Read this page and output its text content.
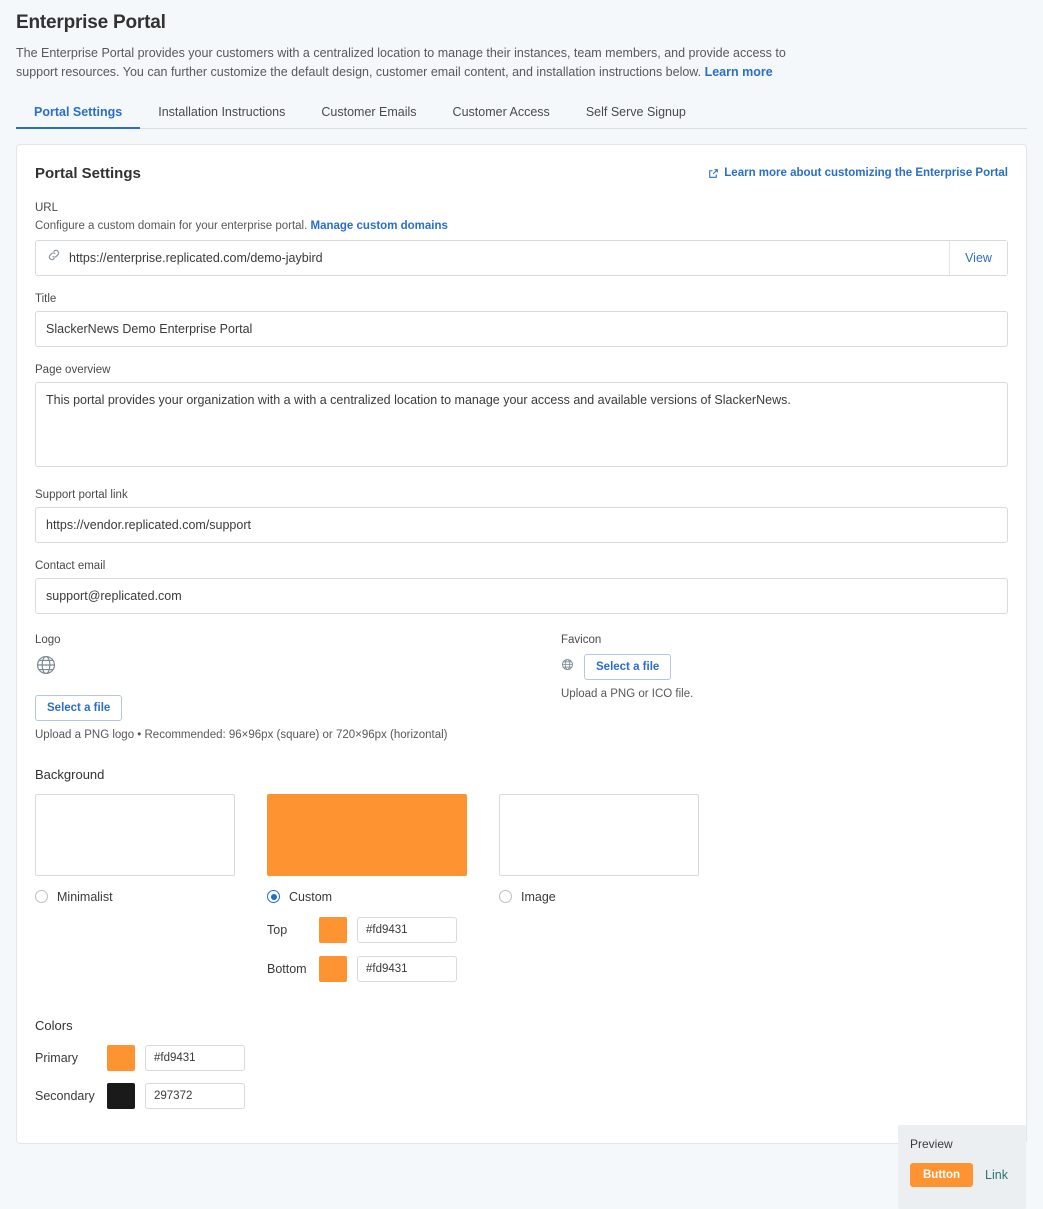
Enterprise Portal

The Enterprise Portal provides your customers with a centralized location to manage their instances, team members, and provide access to support resources. You can further customize the default design, customer email content, and installation instructions below. Learn more

Portal Settings	Installation Instructions	Customer Emails	Customer Access	Self Serve Signup
Portal Settings	Learn more about customizing the Enterprise Portal
URL
Configure a custom domain for your enterprise portal. Manage custom domains
https://enterprise.replicated.com/demo-jaybird	View
Title
SlackerNews Demo Enterprise Portal
Page overview
This portal provides your organization with a with a centralized location to manage your access and available versions of SlackerNews.
Support portal link
https://vendor.replicated.com/support
Contact email
support@replicated.com
Logo
Select a file
Upload a PNG logo • Recommended: 96×96px (square) or 720×96px (horizontal)
Favicon
Select a file
Upload a PNG or ICO file.
Background
Minimalist	Custom
Top
#fd9431
Bottom
#fd9431
Image
Colors
Primary
#fd9431
Secondary
297372
Preview
Button	Link
